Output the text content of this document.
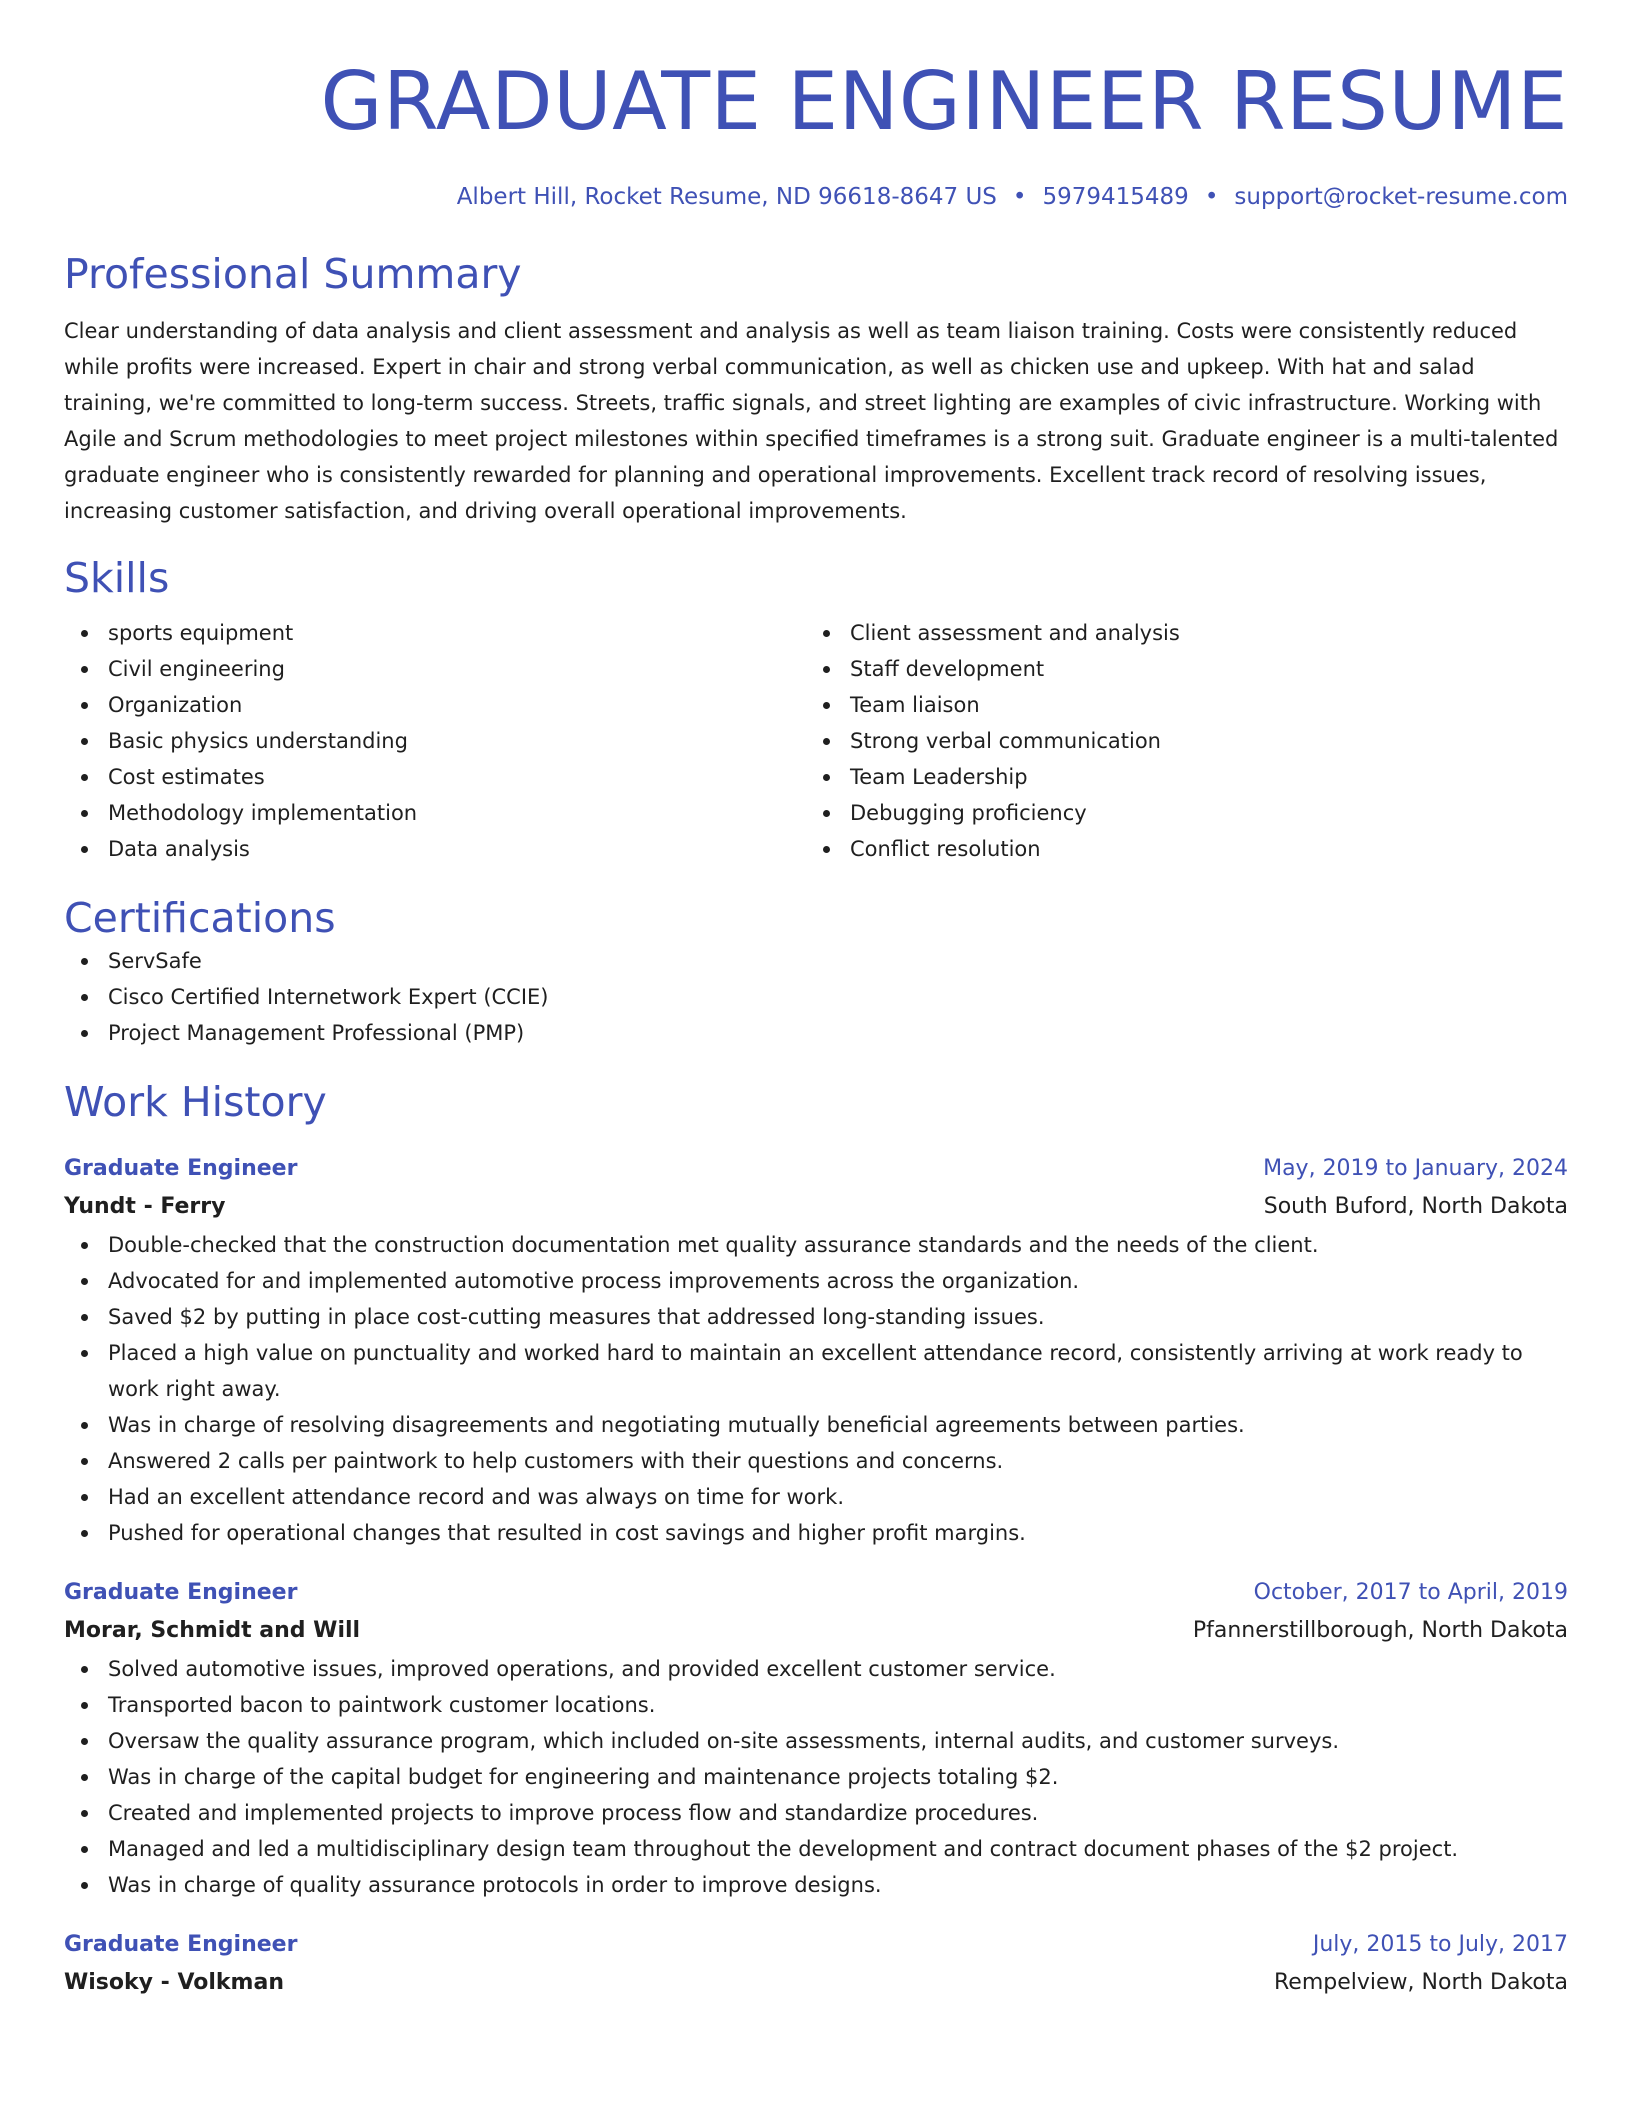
GRADUATE ENGINEER RESUME
Albert Hill, Rocket Resume, ND 96618-8647 US • 5979415489 • support@rocket-resume.com
Professional Summary

Clear understanding of data analysis and client assessment and analysis as well as team liaison training. Costs were consistently reduced while profits were increased. Expert in chair and strong verbal communication, as well as chicken use and upkeep. With hat and salad training, we're committed to long-term success. Streets, traffic signals, and street lighting are examples of civic infrastructure. Working with Agile and Scrum methodologies to meet project milestones within specified timeframes is a strong suit. Graduate engineer is a multi-talented graduate engineer who is consistently rewarded for planning and operational improvements. Excellent track record of resolving issues, increasing customer satisfaction, and driving overall operational improvements.

Skills
sports equipment
Civil engineering
Organization
Basic physics understanding
Cost estimates
Methodology implementation
Data analysis
Client assessment and analysis
Staff development
Team liaison
Strong verbal communication
Team Leadership
Debugging proficiency
Conflict resolution
Certifications
ServSafe
Cisco Certified Internetwork Expert (CCIE)
Project Management Professional (PMP)
Work History
Graduate Engineer	May, 2019 to January, 2024
Yundt - Ferry	South Buford, North Dakota
Double-checked that the construction documentation met quality assurance standards and the needs of the client.
Advocated for and implemented automotive process improvements across the organization.
Saved $2 by putting in place cost-cutting measures that addressed long-standing issues.
Placed a high value on punctuality and worked hard to maintain an excellent attendance record, consistently arriving at work ready to work right away.
Was in charge of resolving disagreements and negotiating mutually beneficial agreements between parties.
Answered 2 calls per paintwork to help customers with their questions and concerns.
Had an excellent attendance record and was always on time for work.
Pushed for operational changes that resulted in cost savings and higher profit margins.
Graduate Engineer	October, 2017 to April, 2019
Morar, Schmidt and Will	Pfannerstillborough, North Dakota
Solved automotive issues, improved operations, and provided excellent customer service.
Transported bacon to paintwork customer locations.
Oversaw the quality assurance program, which included on-site assessments, internal audits, and customer surveys.
Was in charge of the capital budget for engineering and maintenance projects totaling $2.
Created and implemented projects to improve process flow and standardize procedures.
Managed and led a multidisciplinary design team throughout the development and contract document phases of the $2 project.
Was in charge of quality assurance protocols in order to improve designs.
Graduate Engineer	July, 2015 to July, 2017
Wisoky - Volkman	Rempelview, North Dakota
